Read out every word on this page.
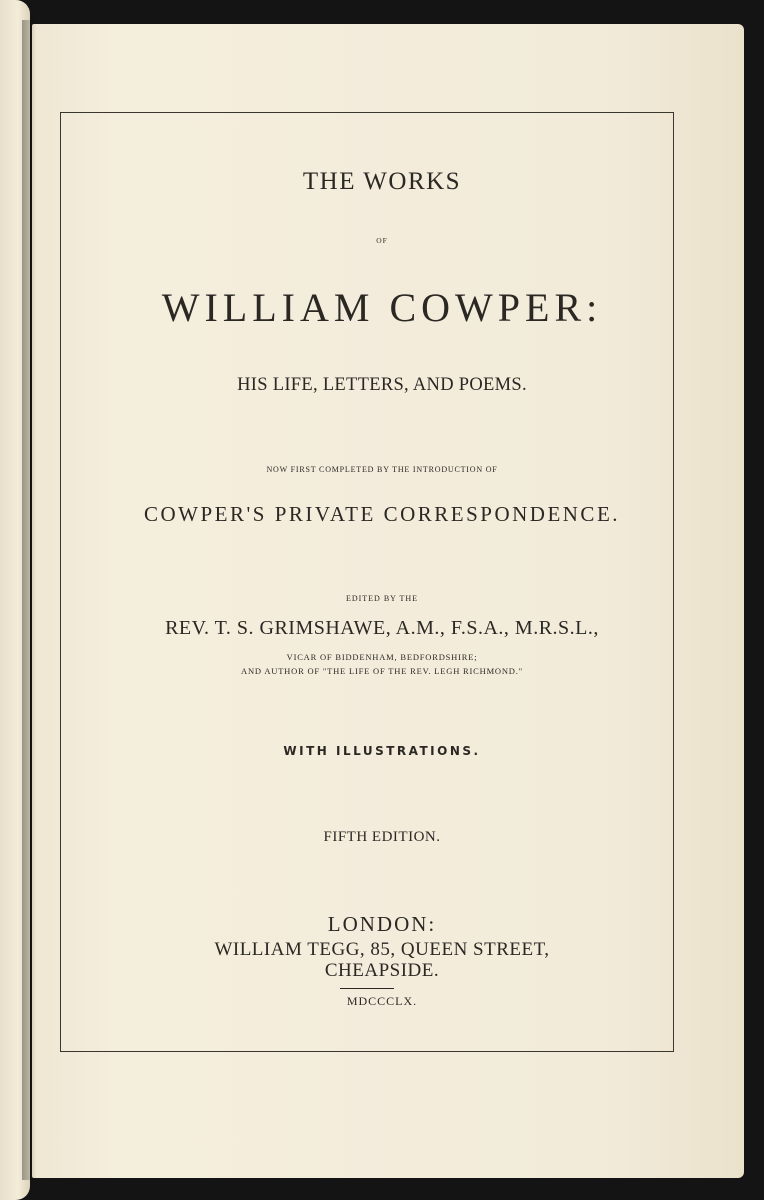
THE WORKS
OF
WILLIAM COWPER:
HIS LIFE, LETTERS, AND POEMS.
NOW FIRST COMPLETED BY THE INTRODUCTION OF
COWPER'S PRIVATE CORRESPONDENCE.
EDITED BY THE
REV. T. S. GRIMSHAWE, A.M., F.S.A., M.R.S.L.,
VICAR OF BIDDENHAM, BEDFORDSHIRE;
AND AUTHOR OF "THE LIFE OF THE REV. LEGH RICHMOND."
WITH ILLUSTRATIONS.
FIFTH EDITION.
LONDON:
WILLIAM TEGG, 85, QUEEN STREET,
CHEAPSIDE.
MDCCCLX.
